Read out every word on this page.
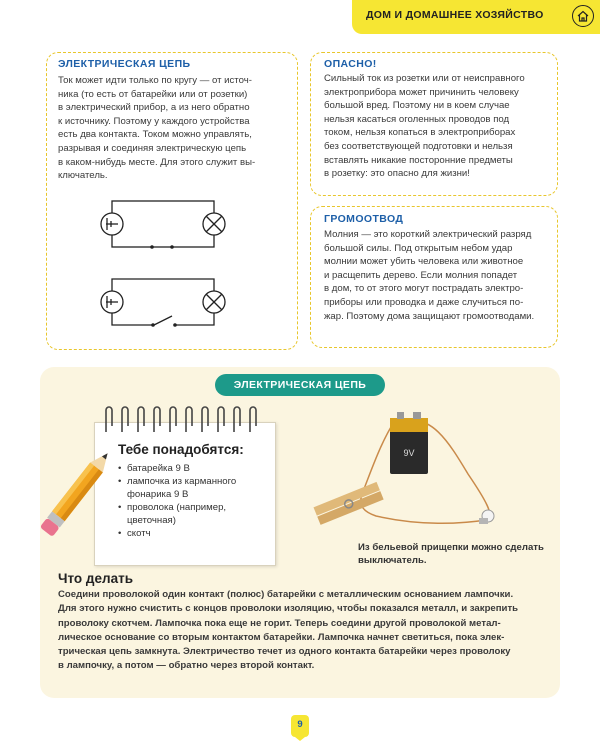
ДОМ И ДОМАШНЕЕ ХОЗЯЙСТВО
ЭЛЕКТРИЧЕСКАЯ ЦЕПЬ
Ток может идти только по кругу — от источ-
ника (то есть от батарейки или от розетки)
в электрический прибор, а из него обратно
к источнику. Поэтому у каждого устройства
есть два контакта. Током можно управлять,
разрывая и соединяя электрическую цепь
в каком-нибудь месте. Для этого служит вы-
ключатель.
ОПАСНО!
Сильный ток из розетки или от неисправного
электроприбора может причинить человеку
большой вред. Поэтому ни в коем случае
нельзя касаться оголенных проводов под
током, нельзя копаться в электроприборах
без соответствующей подготовки и нельзя
вставлять никакие посторонние предметы
в розетку: это опасно для жизни!
ГРОМООТВОД
Молния — это короткий электрический разряд
большой силы. Под открытым небом удар
молнии может убить человека или животное
и расщепить дерево. Если молния попадет
в дом, то от этого могут пострадать электро-
приборы или проводка и даже случиться по-
жар. Поэтому дома защищают громоотводами.
ЭЛЕКТРИЧЕСКАЯ ЦЕПЬ
Тебе понадобятся:
• батарейка 9 В
• лампочка из карманного фонарика 9 В
• проволока (например, цветочная)
• скотч
9V
Из бельевой прищепки можно сделать выключатель.
Что делать
Соедини проволокой один контакт (полюс) батарейки с металлическим основанием лампочки.
Для этого нужно счистить с концов проволоки изоляцию, чтобы показался металл, и закрепить
проволоку скотчем. Лампочка пока еще не горит. Теперь соедини другой проволокой метал-
лическое основание со вторым контактом батарейки. Лампочка начнет светиться, пока элек-
трическая цепь замкнута. Электричество течет из одного контакта батарейки через проволоку
в лампочку, а потом — обратно через второй контакт.
9
